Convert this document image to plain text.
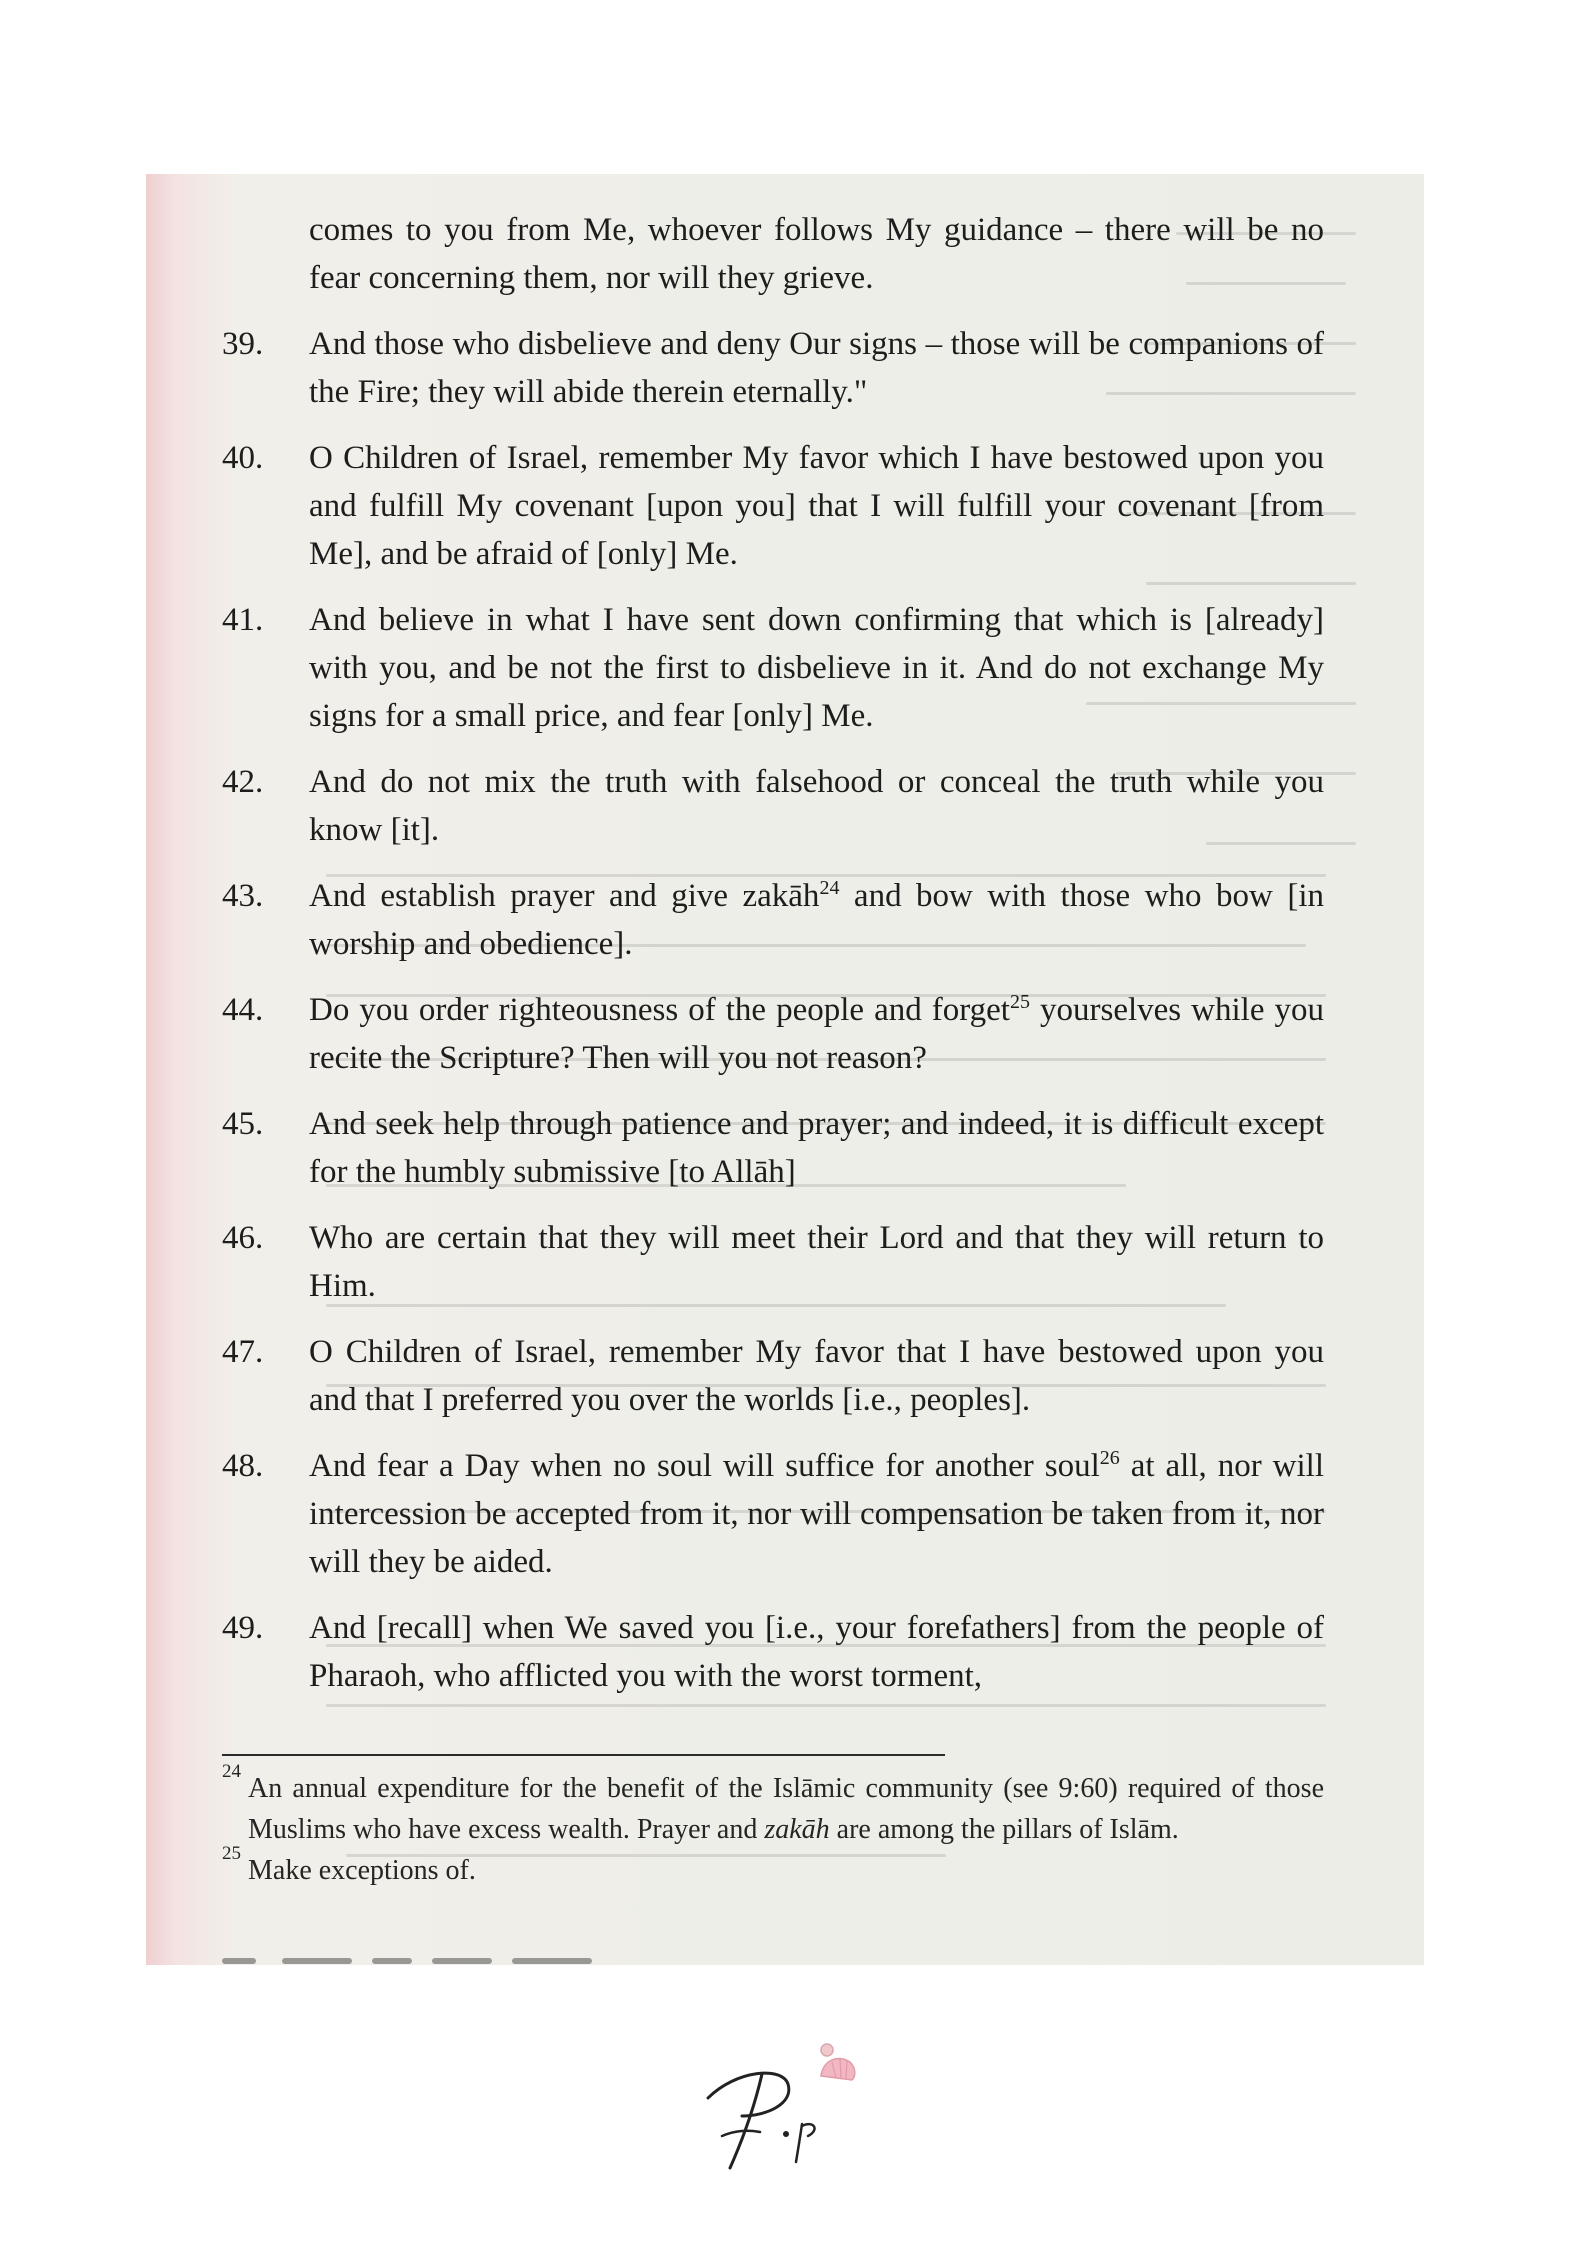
comes to you from Me, whoever follows My guidance – there will be no fear concerning them, nor will they grieve.
39. And those who disbelieve and deny Our signs – those will be companions of the Fire; they will abide therein eternally."
40. O Children of Israel, remember My favor which I have bestowed upon you and fulfill My covenant [upon you] that I will fulfill your covenant [from Me], and be afraid of [only] Me.
41. And believe in what I have sent down confirming that which is [already] with you, and be not the first to disbelieve in it. And do not exchange My signs for a small price, and fear [only] Me.
42. And do not mix the truth with falsehood or conceal the truth while you know [it].
43. And establish prayer and give zakāh$^{24}$ and bow with those who bow [in worship and obedience].
44. Do you order righteousness of the people and forget$^{25}$ yourselves while you recite the Scripture? Then will you not reason?
45. And seek help through patience and prayer; and indeed, it is difficult except for the humbly submissive [to Allāh]
46. Who are certain that they will meet their Lord and that they will return to Him.
47. O Children of Israel, remember My favor that I have bestowed upon you and that I preferred you over the worlds [i.e., peoples].
48. And fear a Day when no soul will suffice for another soul$^{26}$ at all, nor will intercession be accepted from it, nor will compensation be taken from it, nor will they be aided.
49. And [recall] when We saved you [i.e., your forefathers] from the people of Pharaoh, who afflicted you with the worst torment,
24
An annual expenditure for the benefit of the Islāmic community (see 9:60) required of those Muslims who have excess wealth. Prayer and zakāh are among the pillars of Islām.
25
Make exceptions of.
